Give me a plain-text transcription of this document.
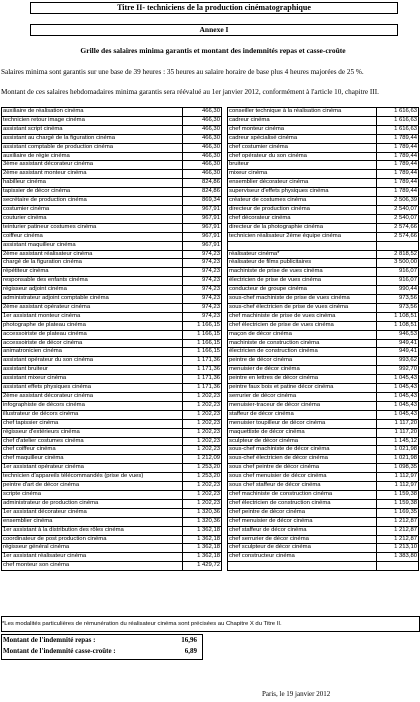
Titre II- techniciens de la production cinématographique
Annexe I
Grille des salaires minima garantis et montant des indemnités repas et casse-croûte
Salaires minima sont garantis sur une base de 39 heures : 35 heures au salaire horaire de base plus 4 heures majorées de 25 %.
Montant de ces salaires hebdomadaires minima garantis sera réévalué au 1er janvier 2012, conformément à l'article 10, chapitre III.
auxiliaire de réalisation cinéma	466,30		conseiller technique à la réalisation cinéma	1 616,63
technicien retour image cinéma	466,30		cadreur cinéma	1 616,63
assistant script cinéma	466,30		chef monteur cinéma	1 616,63
assistant au chargé de la figuration cinéma	466,30		cadreur spécialisé cinéma	1 789,44
assistant comptable de production cinéma	466,30		chef costumier cinéma	1 789,44
auxiliaire de régie cinéma	466,30		chef opérateur du son cinéma	1 789,44
3ème assistant décorateur cinéma	466,30		bruiteur	1 789,44
2ème assistant monteur cinéma	466,30		mixeur cinéma	1 789,44
habilleur cinéma	824,86		ensemblier décorateur cinéma	1 789,44
tapissier de décor cinéma	824,86		superviseur d'effets physiques cinéma	1 789,44
secrétaire de production cinéma	869,34		créateur de costumes cinéma	2 506,39
costumier cinéma	967,91		directeur de production cinéma	2 540,07
couturier cinéma	967,91		chef décorateur cinéma	2 540,07
teinturier patineur costumes cinéma	967,91		directeur de la photographie cinéma	2 574,66
coiffeur cinéma	967,91		technicien réalisateur 2ème équipe cinéma	2 574,66
assistant maquilleur cinéma	967,91			
2ème assistant réalisateur cinéma	974,23		réalisateur cinéma*	2 818,52
chargé de la figuration cinéma	974,23		réalisateur de films publicitaires	3 500,00
répétiteur cinéma	974,23		machiniste de prise de vues cinéma	916,07
responsable des enfants cinéma	974,23		électricien de prise de vues cinéma	916,07
régisseur adjoint cinéma	974,23		conducteur de groupe cinéma	990,44
administrateur adjoint comptable cinéma	974,23		sous-chef machiniste de prise de vues cinéma	973,56
2ème assistant opérateur cinéma	974,23		sous-chef électricien de prise de vues cinéma	973,56
1er assistant monteur cinéma	974,23		chef machiniste de prise de vues cinéma	1 108,51
photographe de plateau cinéma	1 166,15		chef électricien de prise de vues cinéma	1 108,51
accessoiriste de plateau cinéma	1 166,15		maçon de décor cinéma	946,53
accessoiriste de décor cinéma	1 166,15		machiniste de construction cinéma	949,41
animatronicien cinéma	1 166,15		électricien de construction cinéma	949,41
assistant opérateur du son cinéma	1 171,36		peintre de décor cinéma	993,62
assistant bruiteur	1 171,36		menuisier de décor cinéma	992,70
assistant mixeur cinéma	1 171,36		peintre en lettres de décor cinéma	1 045,43
assistant effets physiques cinéma	1 171,36		peintre faux bois et patine décor cinéma	1 045,43
2ème assistant décorateur cinéma	1 202,23		serrurier de décor cinéma	1 045,43
infographiste de décors cinéma	1 202,23		menuisier-traceur de décor cinéma	1 045,43
illustrateur de décors cinéma	1 202,23		staffeur de décor cinéma	1 045,43
chef tapissier cinéma	1 202,23		menuisier toupilleur de décor cinéma	1 117,20
régisseur d'extérieurs cinéma	1 202,23		maquettiste de décor cinéma	1 117,20
chef d'atelier costumes cinéma	1 202,23		sculpteur de décor cinéma	1 145,12
chef coiffeur cinéma	1 202,23		sous-chef machiniste de décor cinéma	1 021,98
chef maquilleur cinéma	1 212,09		sous-chef électricien de décor cinéma	1 021,98
1er assistant opérateur cinéma	1 253,20		sous chef peintre de décor cinéma	1 098,35
technicien d'appareils télécommandés (prise de vues)	1 253,20		sous chef menuisier de décor cinéma	1 112,97
peintre d'art de décor cinéma	1 202,23		sous chef staffeur de décor cinéma	1 112,97
scripte cinéma	1 202,23		chef machiniste de construction cinéma	1 159,38
administrateur de production cinéma	1 202,23		chef électricien de construction cinéma	1 159,38
1er assistant décorateur cinéma	1 320,36		chef peintre de décor cinéma	1 169,35
ensemblier cinéma	1 320,36		chef menuisier de décor cinéma	1 212,87
1er assistant à la distribution des rôles cinéma	1 362,18		chef staffeur de décor cinéma	1 212,87
coordinateur de post production cinéma	1 362,18		chef serrurier de décor cinéma	1 212,87
régisseur général cinéma	1 362,18		chef sculpteur de décor cinéma	1 213,10
1er assistant réalisateur cinéma	1 362,18		chef constructeur cinéma	1 383,80
chef monteur son cinéma	1 429,72			
*Les modalités particulières de rémunération du réalisateur cinéma sont précisées au Chapitre X du Titre II.
Montant de l'indemnité repas :	16,96
Montant de l'indemnité casse-croûte :	6,89
Paris, le 19 janvier 2012
